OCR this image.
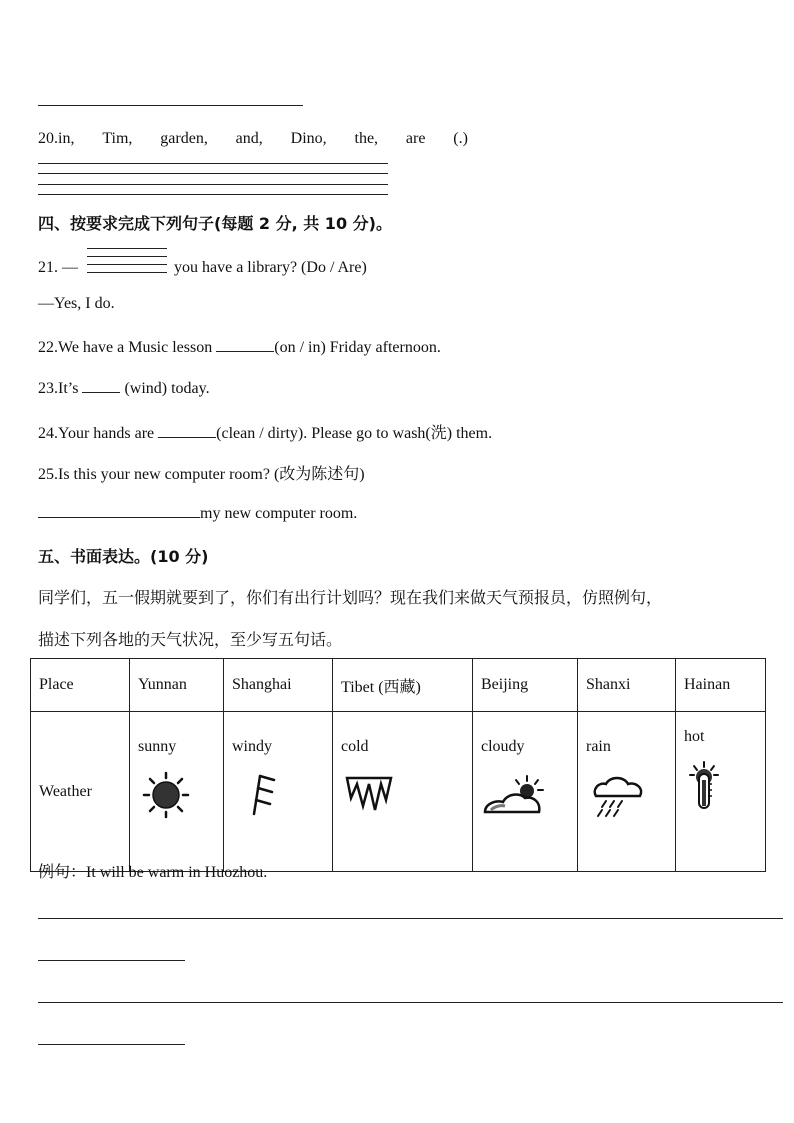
20.in, Tim, garden, and, Dino, the, are (.)
四、按要求完成下列句子(每题 2 分, 共 10 分)。
21. —	you have a library? (Do / Are)
—Yes, I do.
22.We have a Music lesson	(on / in) Friday afternoon.
23.It’s	(wind) today.
24.Your hands are	(clean / dirty). Please go to wash(洗) them.
25.Is this your new computer room? (改为陈述句)
my new computer room.
五、书面表达。(10 分)
同学们，五一假期就要到了，你们有出行计划吗？现在我们来做天气预报员，仿照例句，
描述下列各地的天气状况，至少写五句话。
Place	Yunnan	Shanghai	Tibet (西藏)	Beijing	Shanxi	Hainan
Weather	sunny	windy	cold	cloudy	rain	hot
例句：It will be warm in Huozhou.
